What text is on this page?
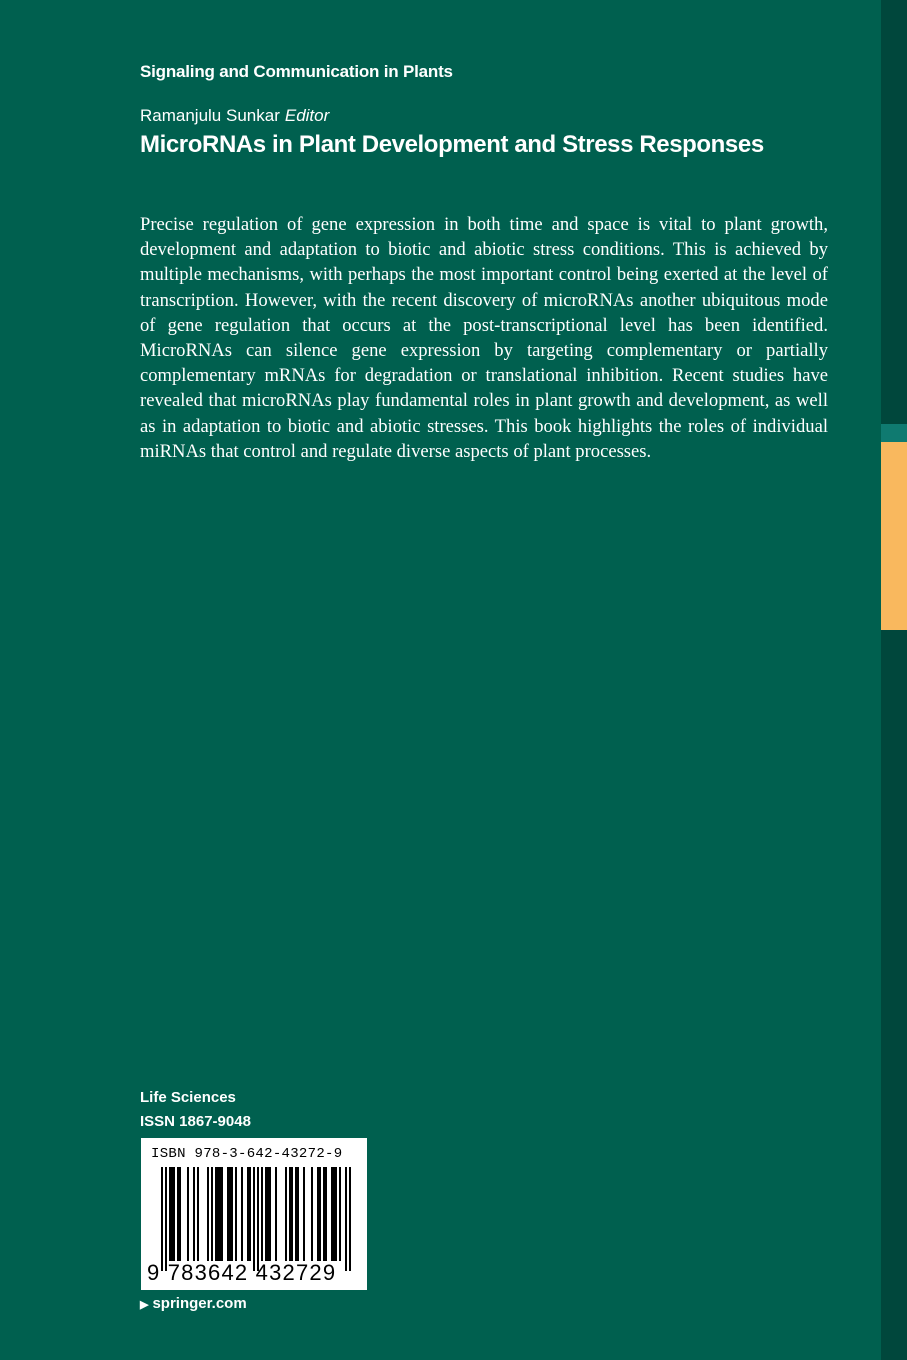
Signaling and Communication in Plants

Ramanjulu Sunkar Editor

MicroRNAs in Plant Development and Stress Responses

Precise regulation of gene expression in both time and space is vital to plant growth, development and adaptation to biotic and abiotic stress conditions. This is achieved by multiple mechanisms, with perhaps the most important control being exerted at the level of transcription. However, with the recent discovery of microRNAs another ubiquitous mode of gene regulation that occurs at the post-transcriptional level has been identified. MicroRNAs can silence gene expression by targeting complementary or partially complementary mRNAs for degradation or translational inhibition. Recent studies have revealed that microRNAs play fundamental roles in plant growth and development, as well as in adaptation to biotic and abiotic stresses. This book highlights the roles of individual miRNAs that control and regulate diverse aspects of plant processes.

Life Sciences

ISSN 1867-9048

ISBN 978-3-642-43272-9

9 783642 432729

▶ springer.com
